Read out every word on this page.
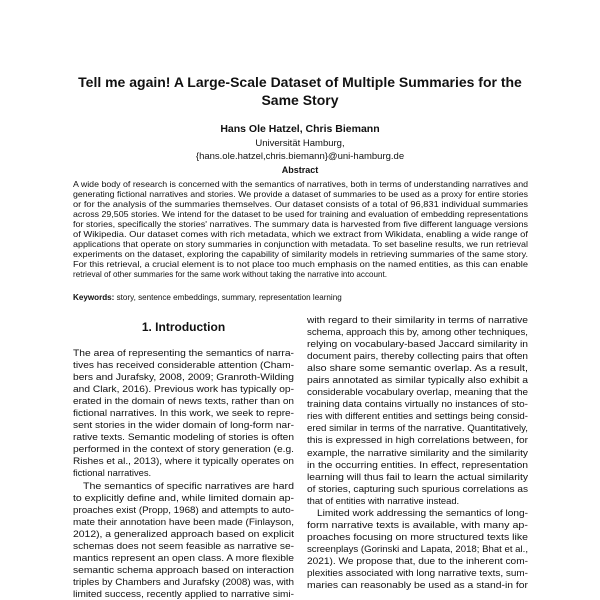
Tell me again! A Large-Scale Dataset of Multiple Summaries for the
Same Story
Hans Ole Hatzel, Chris Biemann
Universität Hamburg,
{hans.ole.hatzel,chris.biemann}@uni-hamburg.de
Abstract
A wide body of research is concerned with the semantics of narratives, both in terms of understanding narratives and
generating fictional narratives and stories. We provide a dataset of summaries to be used as a proxy for entire stories
or for the analysis of the summaries themselves. Our dataset consists of a total of 96,831 individual summaries
across 29,505 stories. We intend for the dataset to be used for training and evaluation of embedding representations
for stories, specifically the stories' narratives. The summary data is harvested from five different language versions
of Wikipedia. Our dataset comes with rich metadata, which we extract from Wikidata, enabling a wide range of
applications that operate on story summaries in conjunction with metadata. To set baseline results, we run retrieval
experiments on the dataset, exploring the capability of similarity models in retrieving summaries of the same story.
For this retrieval, a crucial element is to not place too much emphasis on the named entities, as this can enable
retrieval of other summaries for the same work without taking the narrative into account.
Keywords: story, sentence embeddings, summary, representation learning
1. Introduction
The area of representing the semantics of narra-
tives has received considerable attention (Cham-
bers and Jurafsky, 2008, 2009; Granroth-Wilding
and Clark, 2016). Previous work has typically op-
erated in the domain of news texts, rather than on
fictional narratives. In this work, we seek to repre-
sent stories in the wider domain of long-form nar-
rative texts. Semantic modeling of stories is often
performed in the context of story generation (e.g.
Rishes et al., 2013), where it typically operates on
fictional narratives.
The semantics of specific narratives are hard
to explicitly define and, while limited domain ap-
proaches exist (Propp, 1968) and attempts to auto-
mate their annotation have been made (Finlayson,
2012), a generalized approach based on explicit
schemas does not seem feasible as narrative se-
mantics represent an open class. A more flexible
semantic schema approach based on interaction
triples by Chambers and Jurafsky (2008) was, with
limited success, recently applied to narrative simi-
with regard to their similarity in terms of narrative
schema, approach this by, among other techniques,
relying on vocabulary-based Jaccard similarity in
document pairs, thereby collecting pairs that often
also share some semantic overlap. As a result,
pairs annotated as similar typically also exhibit a
considerable vocabulary overlap, meaning that the
training data contains virtually no instances of sto-
ries with different entities and settings being consid-
ered similar in terms of the narrative. Quantitatively,
this is expressed in high correlations between, for
example, the narrative similarity and the similarity
in the occurring entities. In effect, representation
learning will thus fail to learn the actual similarity
of stories, capturing such spurious correlations as
that of entities with narrative instead.
Limited work addressing the semantics of long-
form narrative texts is available, with many ap-
proaches focusing on more structured texts like
screenplays (Gorinski and Lapata, 2018; Bhat et al.,
2021). We propose that, due to the inherent com-
plexities associated with long narrative texts, sum-
maries can reasonably be used as a stand-in for
